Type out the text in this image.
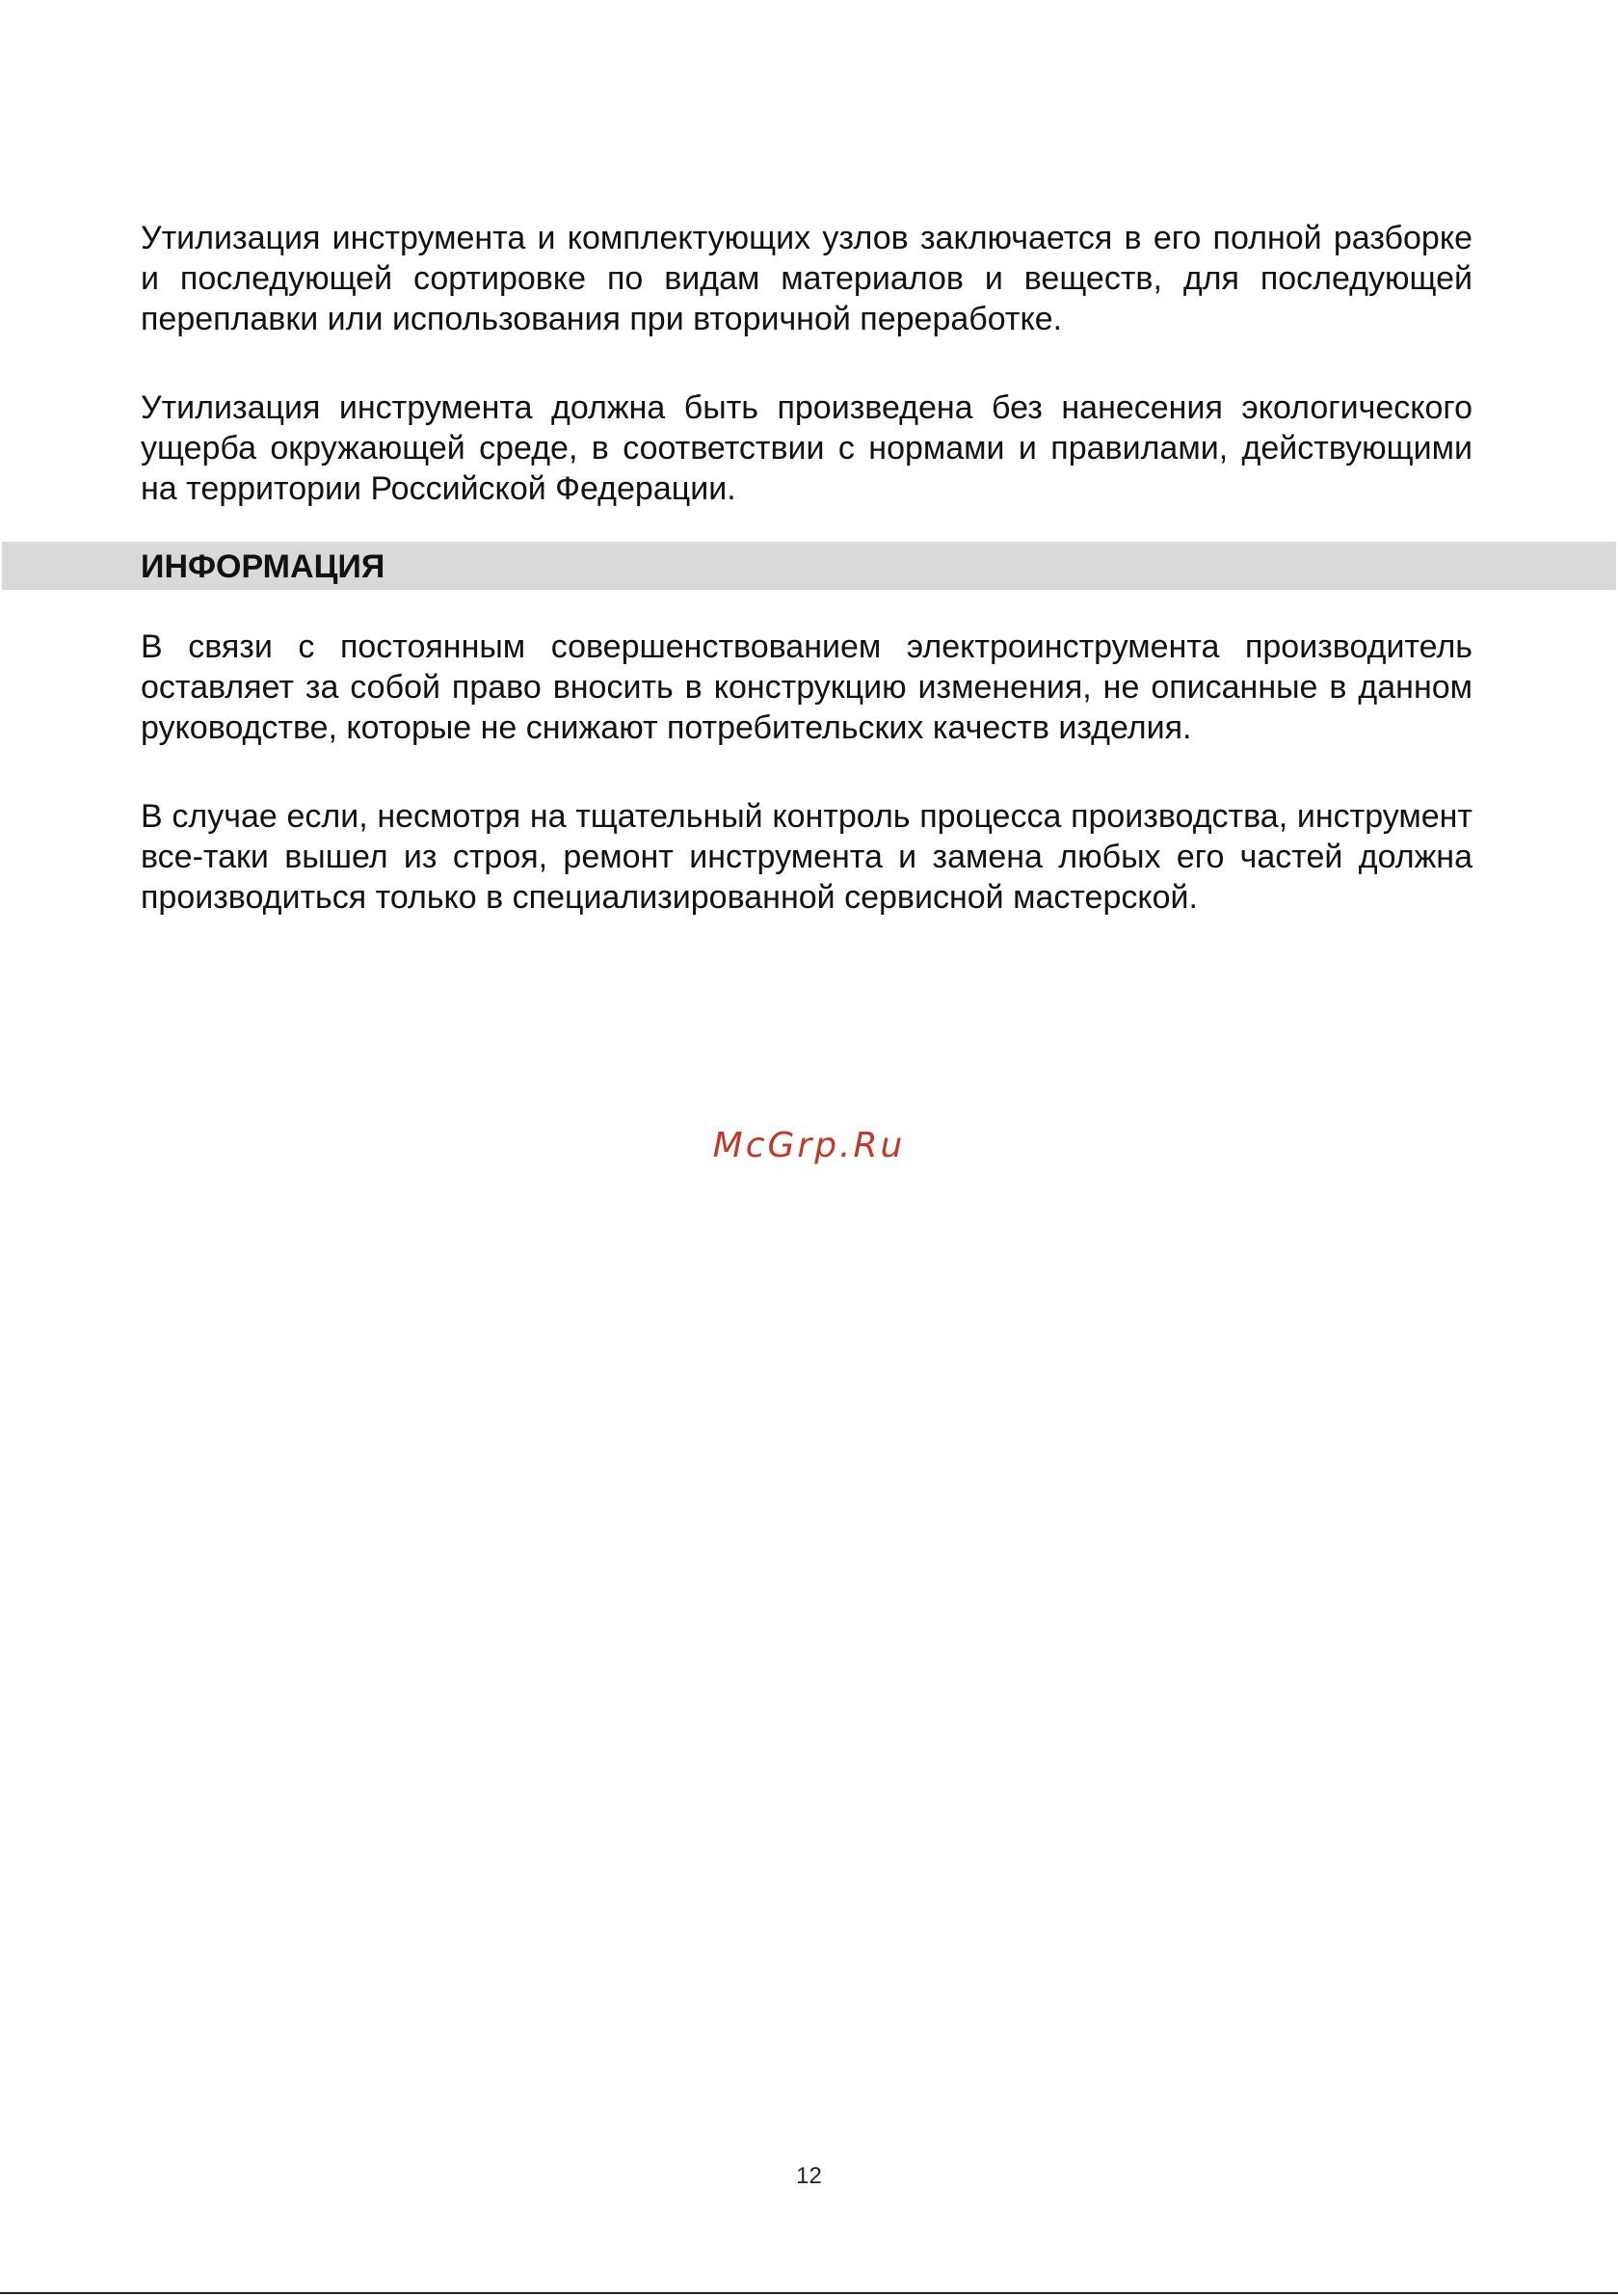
Утилизация инструмента и комплектующих узлов заключается в его полной разборке и последующей сортировке по видам материалов и веществ, для последующей переплавки или использования при вторичной переработке.

Утилизация инструмента должна быть произведена без нанесения экологического ущерба окружающей среде, в соответствии с нормами и правилами, действующими на территории Российской Федерации.

ИНФОРМАЦИЯ

В связи с постоянным совершенствованием электроинструмента производитель оставляет за собой право вносить в конструкцию изменения, не описанные в данном руководстве, которые не снижают потребительских качеств изделия.

В случае если, несмотря на тщательный контроль процесса производства, инструмент все-таки вышел из строя, ремонт инструмента и замена любых его частей должна производиться только в специализированной сервисной мастерской.

McGrp.Ru
12
